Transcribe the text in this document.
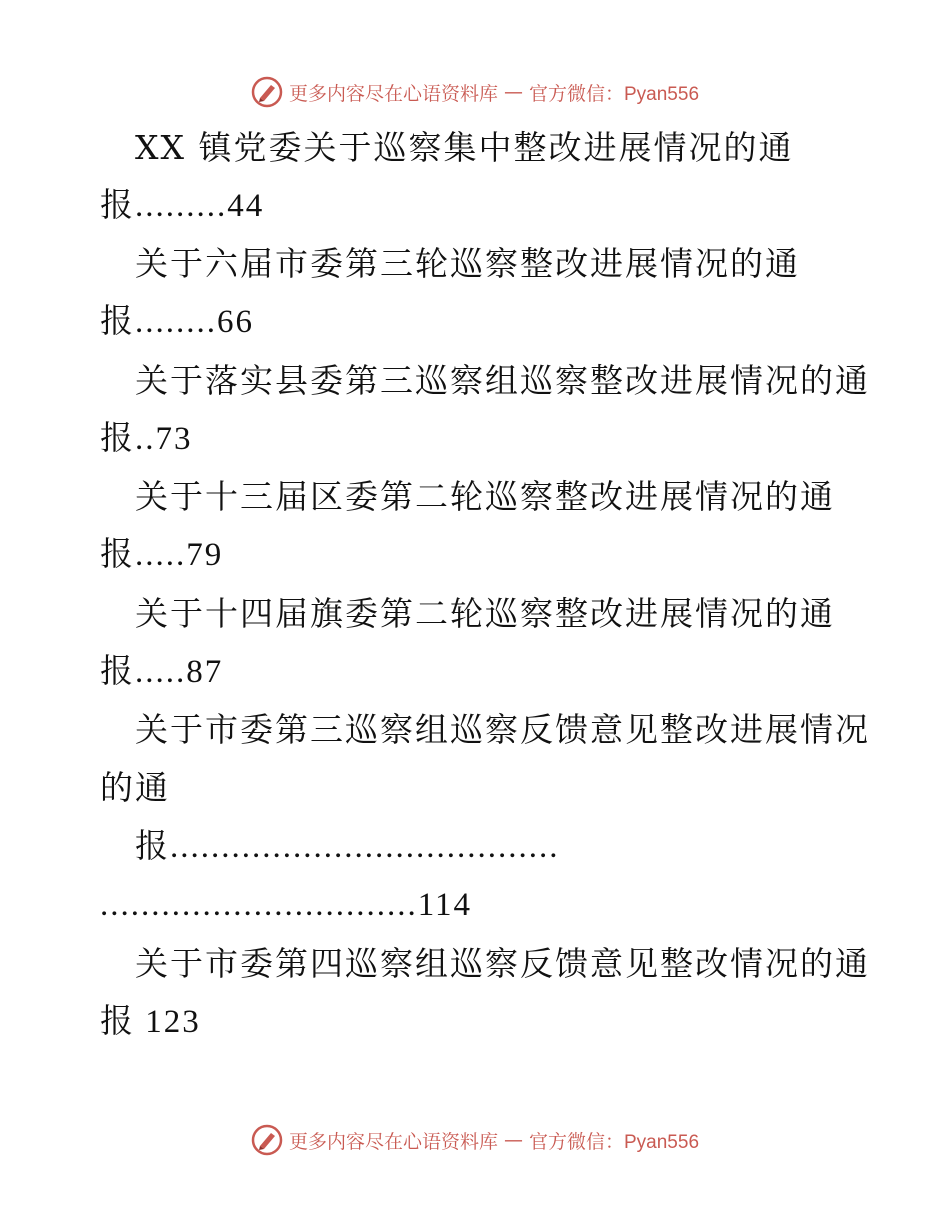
更多内容尽在心语资料库 — 官方微信：Pyan556
XX 镇党委关于巡察集中整改进展情况的通
报.........44
关于六届市委第三轮巡察整改进展情况的通
报........66
关于落实县委第三巡察组巡察整改进展情况的通
报..73
关于十三届区委第二轮巡察整改进展情况的通
报.....79
关于十四届旗委第二轮巡察整改进展情况的通
报.....87
关于市委第三巡察组巡察反馈意见整改进展情况
的通
报......................................
...............................114
关于市委第四巡察组巡察反馈意见整改情况的通
报 123
更多内容尽在心语资料库 — 官方微信：Pyan556
